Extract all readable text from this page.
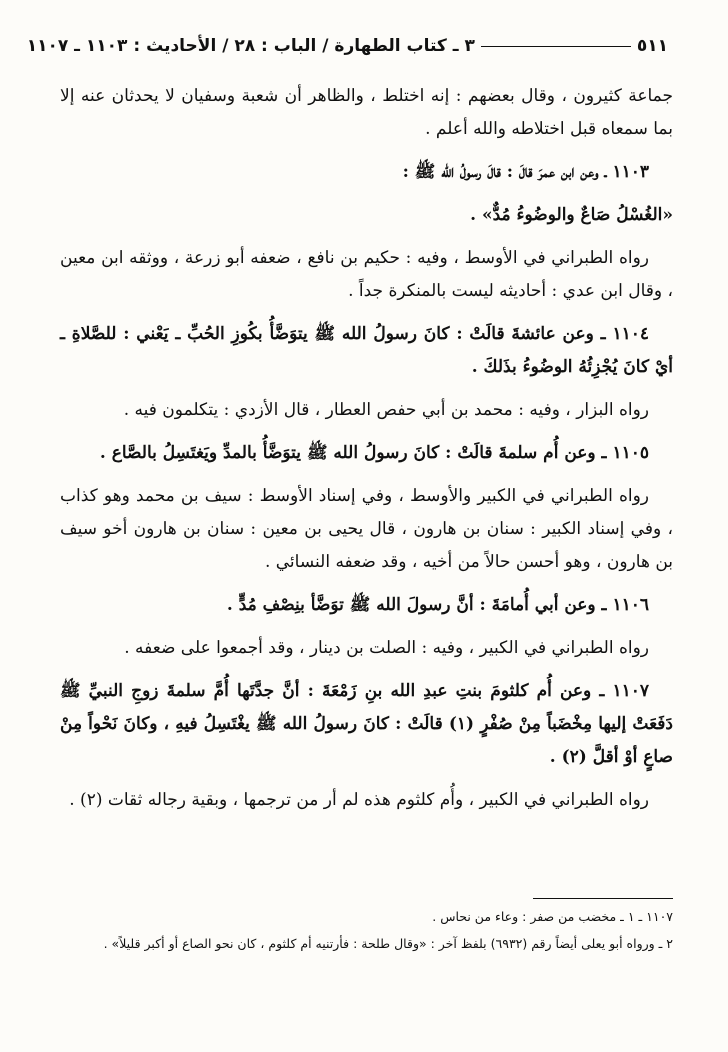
٥١١
٣ ـ كتاب الطهارة / الباب : ٢٨ / الأحاديث : ١١٠٣ ـ ١١٠٧

جماعة كثيرون ، وقال بعضهم : إنه اختلط ، والظاهر أن شعبة وسفيان لا يحدثان عنه إلا بما سمعاه قبل اختلاطه والله أعلم .

١١٠٣ ـ وعن ابن عمرَ قالَ : قالَ رسولُ الله ﷺ :

«الغُسْلُ صَاعٌ والوضُوءُ مُدٌّ» .

رواه الطبراني في الأوسط ، وفيه : حكيم بن نافع ، ضعفه أبو زرعة ، ووثقه ابن معين ، وقال ابن عدي : أحاديثه ليست بالمنكرة جداً .

١١٠٤ ـ وعن عائشةَ قالَتْ : كانَ رسولُ الله ﷺ يتوَضَّأُ بكُوزِ الحُبِّ ـ يَعْني : للصَّلاةِ ـ أيْ كانَ يُجْزِئُهُ الوضُوءُ بذَلكَ .

رواه البزار ، وفيه : محمد بن أبي حفص العطار ، قال الأزدي : يتكلمون فيه .

١١٠٥ ـ وعن أُم سلمةَ قالَتْ : كانَ رسولُ الله ﷺ يتوَضَّأُ بالمدِّ ويَغتَسِلُ بالصَّاع .

رواه الطبراني في الكبير والأوسط ، وفي إسناد الأوسط : سيف بن محمد وهو كذاب ، وفي إسناد الكبير : سنان بن هارون ، قال يحيى بن معين : سنان بن هارون أخو سيف بن هارون ، وهو أحسن حالاً من أخيه ، وقد ضعفه النسائي .

١١٠٦ ـ وعن أبي أُمامَةَ : أنَّ رسولَ الله ﷺ توَضَّأ بنِصْفِ مُدٍّ .

رواه الطبراني في الكبير ، وفيه : الصلت بن دينار ، وقد أجمعوا على ضعفه .

١١٠٧ ـ وعن أُم كلثومَ بنتِ عبدِ الله بنِ زَمْعَةَ : أنَّ جدَّتَها أُمَّ سلمةَ زوجِ النبيِّ ﷺ دَفَعَتْ إليها مِخْضَباً مِنْ صُفْرٍ (١) قالَتْ : كانَ رسولُ الله ﷺ يغْتَسِلُ فيهِ ، وكانَ نَحْواً مِنْ صاعٍ أوْ أقلَّ (٢) .

رواه الطبراني في الكبير ، وأُم كلثوم هذه لم أر من ترجمها ، وبقية رجاله ثقات (٢) .

١١٠٧ ـ ١ ـ مخضب من صفر : وعاء من نحاس .

٢ ـ ورواه أبو يعلى أيضاً رقم (٦٩٣٢) بلفظ آخر : «وقال طلحة : فأرتنيه أم كلثوم ، كان نحو الصاع أو أكبر قليلاً» .
